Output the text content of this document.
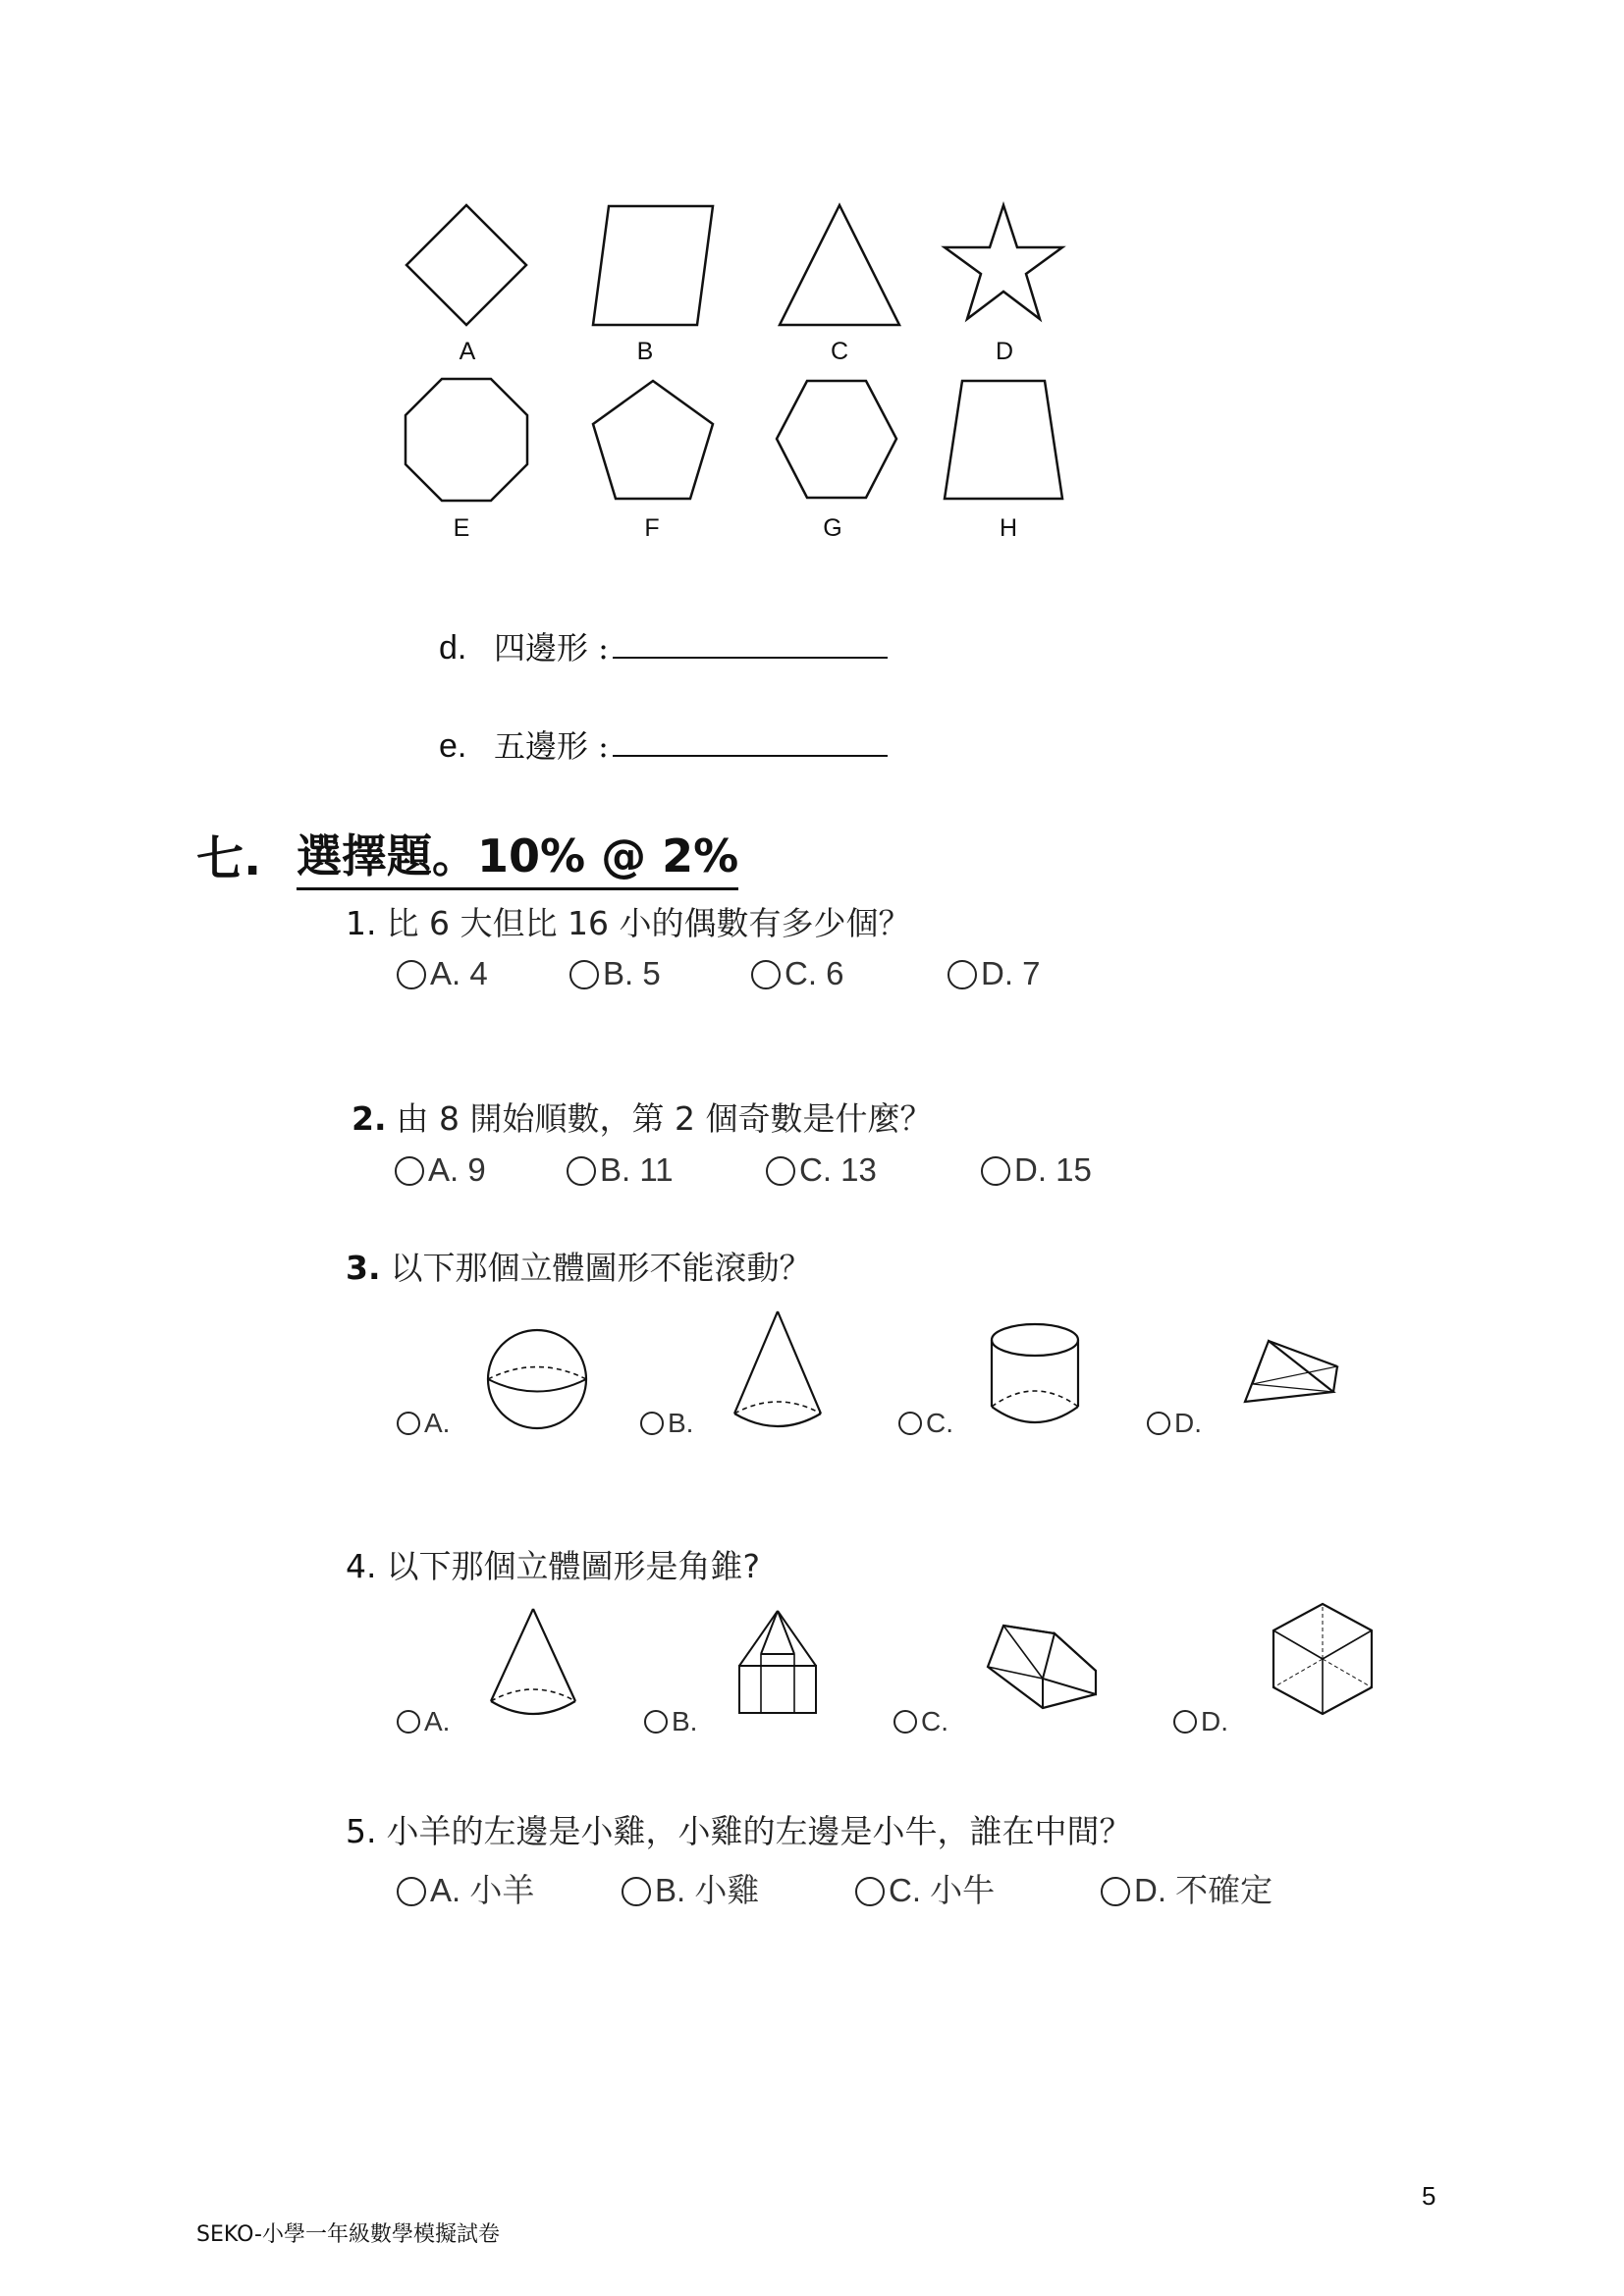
A	B	C	D
E	F	G	H
d. 四邊形 :
e. 五邊形 :
七. 選擇題。10% @ 2%
1. 比 6 大但比 16 小的偶數有多少個？
A. 4	B. 5	C. 6	D. 7
2. 由 8 開始順數，第 2 個奇數是什麼？
A. 9	B. 11	C. 13	D. 15
3. 以下那個立體圖形不能滾動？
A.	B.	C.	D.
4. 以下那個立體圖形是角錐?
A.	B.	C.	D.
5. 小羊的左邊是小雞，小雞的左邊是小牛，誰在中間？
A. 小羊	B. 小雞	C. 小牛	D. 不確定
5
SEKO-小學一年級數學模擬試卷
